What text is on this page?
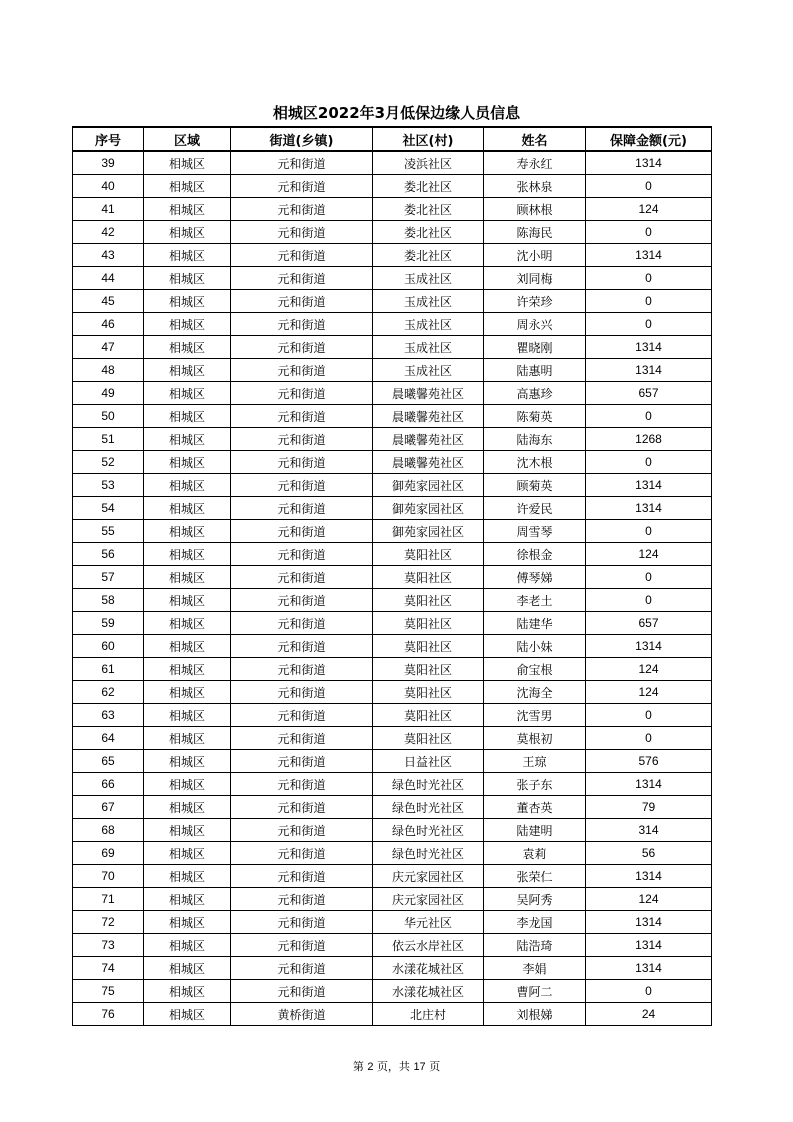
相城区2022年3月低保边缘人员信息
序号	区域	街道(乡镇)	社区(村)	姓名	保障金额(元)
39	相城区	元和街道	凌浜社区	寿永红	1314
40	相城区	元和街道	娄北社区	张林泉	0
41	相城区	元和街道	娄北社区	顾林根	124
42	相城区	元和街道	娄北社区	陈海民	0
43	相城区	元和街道	娄北社区	沈小明	1314
44	相城区	元和街道	玉成社区	刘同梅	0
45	相城区	元和街道	玉成社区	许荣珍	0
46	相城区	元和街道	玉成社区	周永兴	0
47	相城区	元和街道	玉成社区	瞿晓刚	1314
48	相城区	元和街道	玉成社区	陆惠明	1314
49	相城区	元和街道	晨曦馨苑社区	高惠珍	657
50	相城区	元和街道	晨曦馨苑社区	陈菊英	0
51	相城区	元和街道	晨曦馨苑社区	陆海东	1268
52	相城区	元和街道	晨曦馨苑社区	沈木根	0
53	相城区	元和街道	御苑家园社区	顾菊英	1314
54	相城区	元和街道	御苑家园社区	许爱民	1314
55	相城区	元和街道	御苑家园社区	周雪琴	0
56	相城区	元和街道	莫阳社区	徐根金	124
57	相城区	元和街道	莫阳社区	傅琴娣	0
58	相城区	元和街道	莫阳社区	李老土	0
59	相城区	元和街道	莫阳社区	陆建华	657
60	相城区	元和街道	莫阳社区	陆小妹	1314
61	相城区	元和街道	莫阳社区	俞宝根	124
62	相城区	元和街道	莫阳社区	沈海全	124
63	相城区	元和街道	莫阳社区	沈雪男	0
64	相城区	元和街道	莫阳社区	莫根初	0
65	相城区	元和街道	日益社区	王琼	576
66	相城区	元和街道	绿色时光社区	张子东	1314
67	相城区	元和街道	绿色时光社区	董杏英	79
68	相城区	元和街道	绿色时光社区	陆建明	314
69	相城区	元和街道	绿色时光社区	袁莉	56
70	相城区	元和街道	庆元家园社区	张荣仁	1314
71	相城区	元和街道	庆元家园社区	吴阿秀	124
72	相城区	元和街道	华元社区	李龙国	1314
73	相城区	元和街道	依云水岸社区	陆浩琦	1314
74	相城区	元和街道	水漾花城社区	李娟	1314
75	相城区	元和街道	水漾花城社区	曹阿二	0
76	相城区	黄桥街道	北庄村	刘根娣	24
第 2 页，共 17 页
